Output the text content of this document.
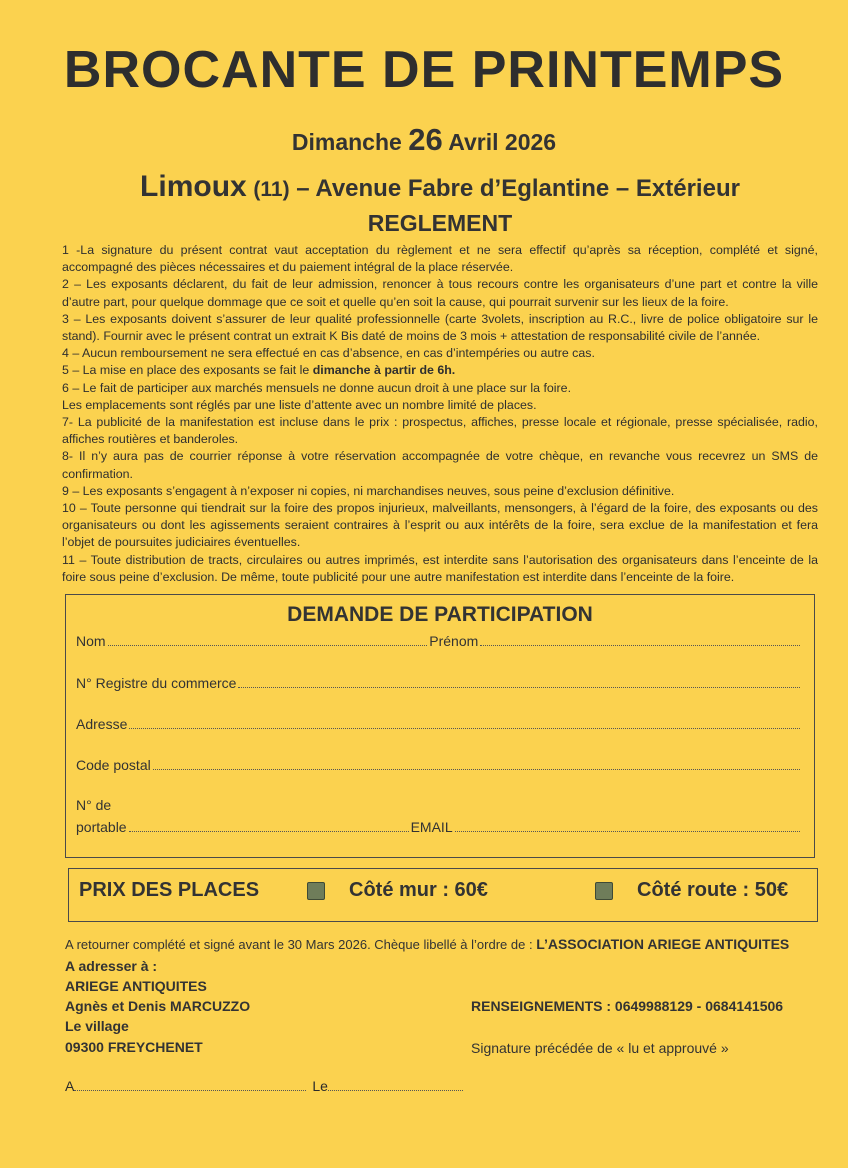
BROCANTE DE PRINTEMPS
Dimanche 26 Avril 2026
Limoux (11) – Avenue Fabre d’Eglantine – Extérieur
REGLEMENT

1 -La signature du présent contrat vaut acceptation du règlement et ne sera effectif qu’après sa réception, complété et signé, accompagné des pièces nécessaires et du paiement intégral de la place réservée.

2 – Les exposants déclarent, du fait de leur admission, renoncer à tous recours contre les organisateurs d’une part et contre la ville d’autre part, pour quelque dommage que ce soit et quelle qu’en soit la cause, qui pourrait survenir sur les lieux de la foire.

3 – Les exposants doivent s’assurer de leur qualité professionnelle (carte 3volets, inscription au R.C., livre de police obligatoire sur le stand). Fournir avec le présent contrat un extrait K Bis daté de moins de 3 mois + attestation de responsabilité civile de l’année.

4 – Aucun remboursement ne sera effectué en cas d’absence, en cas d’intempéries ou autre cas.

5 – La mise en place des exposants se fait le dimanche à partir de 6h.

6 – Le fait de participer aux marchés mensuels ne donne aucun droit à une place sur la foire.

Les emplacements sont réglés par une liste d’attente avec un nombre limité de places.

7- La publicité de la manifestation est incluse dans le prix : prospectus, affiches, presse locale et régionale, presse spécialisée, radio, affiches routières et banderoles.

8- Il n’y aura pas de courrier réponse à votre réservation accompagnée de votre chèque, en revanche vous recevrez un SMS de confirmation.

9 – Les exposants s’engagent à n’exposer ni copies, ni marchandises neuves, sous peine d’exclusion définitive.

10 – Toute personne qui tiendrait sur la foire des propos injurieux, malveillants, mensongers, à l’égard de la foire, des exposants ou des organisateurs ou dont les agissements seraient contraires à l’esprit ou aux intérêts de la foire, sera exclue de la manifestation et fera l’objet de poursuites judiciaires éventuelles.

11 – Toute distribution de tracts, circulaires ou autres imprimés, est interdite sans l’autorisation des organisateurs dans l’enceinte de la foire sous peine d’exclusion. De même, toute publicité pour une autre manifestation est interdite dans l’enceinte de la foire.

DEMANDE DE PARTICIPATION
Nom	Prénom
N° Registre du commerce
Adresse
Code postal
N° de
portable	EMAIL
PRIX DES PLACES	Côté mur : 60€	Côté route : 50€
A retourner complété et signé avant le 30 Mars 2026. Chèque libellé à l’ordre de : L’ASSOCIATION ARIEGE ANTIQUITES
A adresser à :
ARIEGE ANTIQUITES
Agnès et Denis MARCUZZO
Le village
09300 FREYCHENET
RENSEIGNEMENTS : 0649988129 - 0684141506
Signature précédée de « lu et approuvé »
A	Le
